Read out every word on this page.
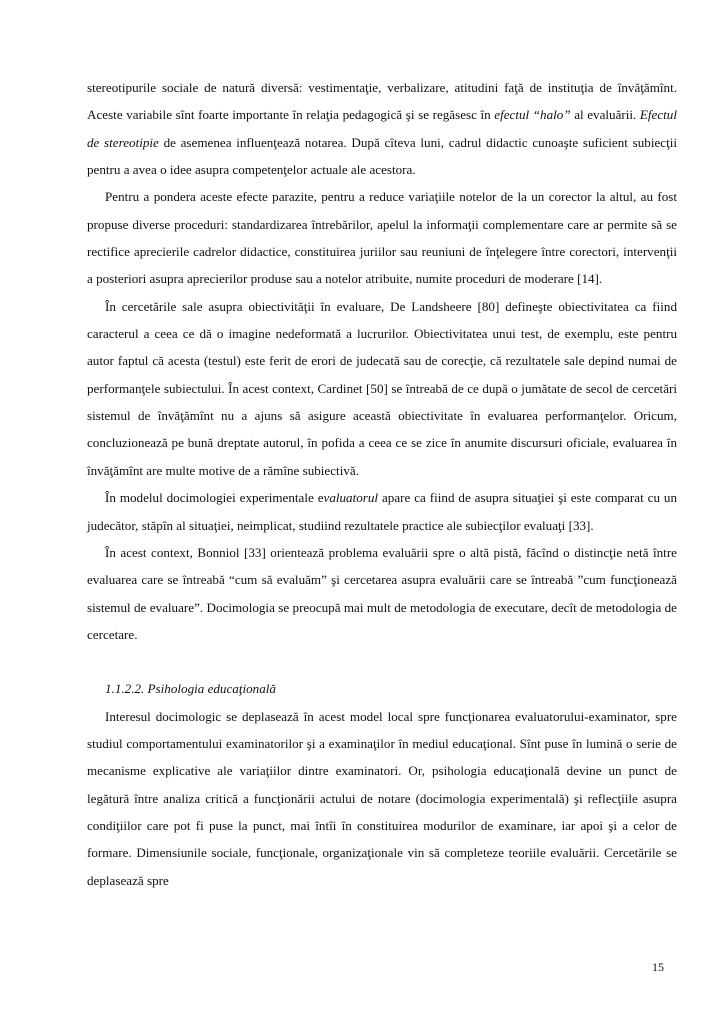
stereotipurile sociale de natură diversă: vestimentaţie, verbalizare, atitudini faţă de instituţia de învăţămînt. Aceste variabile sînt foarte importante în relaţia pedagogică şi se regăsesc în efectul “halo” al evaluării. Efectul de stereotipie de asemenea influenţează notarea. După cîteva luni, cadrul didactic cunoaşte suficient subiecţii pentru a avea o idee asupra competenţelor actuale ale acestora.

Pentru a pondera aceste efecte parazite, pentru a reduce variaţiile notelor de la un corector la altul, au fost propuse diverse proceduri: standardizarea întrebărilor, apelul la informaţii complementare care ar permite să se rectifice aprecierile cadrelor didactice, constituirea juriilor sau reuniuni de înţelegere între corectori, intervenţii a posteriori asupra aprecierilor produse sau a notelor atribuite, numite proceduri de moderare [14].

În cercetările sale asupra obiectivităţii în evaluare, De Landsheere [80] defineşte obiectivitatea ca fiind caracterul a ceea ce dă o imagine nedeformată a lucrurilor. Obiectivitatea unui test, de exemplu, este pentru autor faptul că acesta (testul) este ferit de erori de judecată sau de corecţie, că rezultatele sale depind numai de performanţele subiectului. În acest context, Cardinet [50] se întreabă de ce după o jumătate de secol de cercetări sistemul de învăţămînt nu a ajuns să asigure această obiectivitate în evaluarea performanţelor. Oricum, concluzionează pe bună dreptate autorul, în pofida a ceea ce se zice în anumite discursuri oficiale, evaluarea în învăţămînt are multe motive de a rămîne subiectivă.

În modelul docimologiei experimentale evaluatorul apare ca fiind de asupra situaţiei şi este comparat cu un judecător, stăpîn al situaţiei, neimplicat, studiind rezultatele practice ale subiecţilor evaluaţi [33].

În acest context, Bonniol [33] orientează problema evaluării spre o altă pistă, făcînd o distincţie netă între evaluarea care se întreabă “cum să evaluăm” şi cercetarea asupra evaluării care se întreabă ”cum funcţionează sistemul de evaluare”. Docimologia se preocupă mai mult de metodologia de executare, decît de metodologia de cercetare.

1.1.2.2. Psihologia educaţională

Interesul docimologic se deplasează în acest model local spre funcţionarea evaluatorului-examinator, spre studiul comportamentului examinatorilor şi a examinaţilor în mediul educaţional. Sînt puse în lumină o serie de mecanisme explicative ale variaţiilor dintre examinatori. Or, psihologia educaţională devine un punct de legătură între analiza critică a funcţionării actului de notare (docimologia experimentală) şi reflecţiile asupra condiţiilor care pot fi puse la punct, mai întîi în constituirea modurilor de examinare, iar apoi şi a celor de formare. Dimensiunile sociale, funcţionale, organizaţionale vin să completeze teoriile evaluării. Cercetările se deplasează spre

15
